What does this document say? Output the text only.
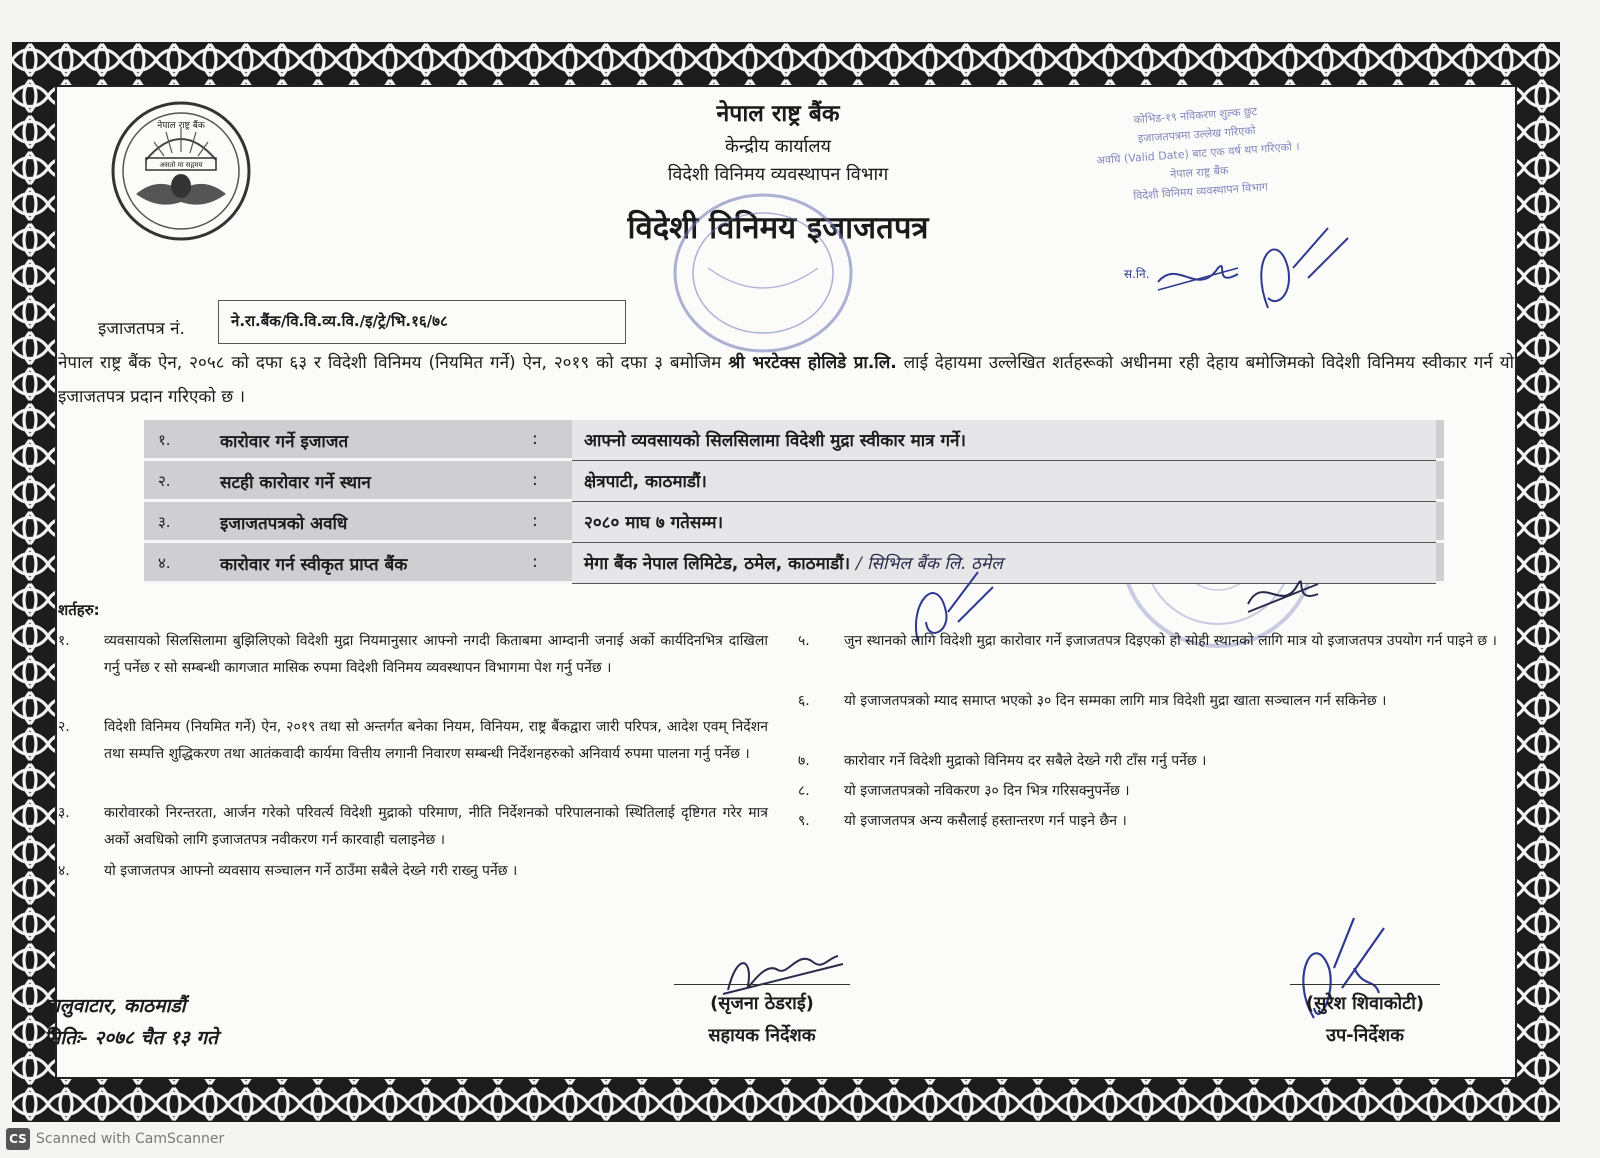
नेपाल राष्ट्र बैंक
असतो मा सद्गमय
नेपाल राष्ट्र बैंक
केन्द्रीय कार्यालय
विदेशी विनिमय व्यवस्थापन विभाग
विदेशी विनिमय इजाजतपत्र
कोभिड-१९ नविकरण शुल्क छुट
इजाजतपत्रमा उल्लेख गरिएको
अवधि (Valid Date) बाट एक वर्ष थप गरिएको ।
नेपाल राष्ट्र बैंक
विदेशी विनिमय व्यवस्थापन विभाग
स.नि.
इजाजतपत्र नं.	ने.रा.बैंक/वि.वि.व्य.वि./इ/ट्रे/भि.१६/७८
नेपाल राष्ट्र बैंक ऐन, २०५८ को दफा ६३ र विदेशी विनिमय (नियमित गर्ने) ऐन, २०१९ को दफा ३ बमोजिम श्री भरटेक्स होलिडे प्रा.लि. लाई देहायमा उल्लेखित शर्तहरूको अधीनमा रही देहाय बमोजिमको विदेशी विनिमय स्वीकार गर्न यो इजाजतपत्र प्रदान गरिएको छ ।
१.	कारोवार गर्ने इजाजत	:	आफ्नो व्यवसायको सिलसिलामा विदेशी मुद्रा स्वीकार मात्र गर्ने।
२.	सटही कारोवार गर्ने स्थान	:	क्षेत्रपाटी, काठमाडौं।
३.	इजाजतपत्रको अवधि	:	२०८० माघ ७ गतेसम्म।
४.	कारोवार गर्न स्वीकृत प्राप्त बैंक	:	मेगा बैंक नेपाल लिमिटेड, ठमेल, काठमाडौं। / सिभिल बैंक लि. ठमेल
शर्तहरु:
१. व्यवसायको सिलसिलामा बुझिलिएको विदेशी मुद्रा नियमानुसार आफ्नो नगदी किताबमा आम्दानी जनाई अर्को कार्यदिनभित्र दाखिला गर्नु पर्नेछ र सो सम्बन्धी कागजात मासिक रुपमा विदेशी विनिमय व्यवस्थापन विभागमा पेश गर्नु पर्नेछ ।
२. विदेशी विनिमय (नियमित गर्ने) ऐन, २०१९ तथा सो अन्तर्गत बनेका नियम, विनियम, राष्ट्र बैंकद्वारा जारी परिपत्र, आदेश एवम् निर्देशन तथा सम्पत्ति शुद्धिकरण तथा आतंकवादी कार्यमा वित्तीय लगानी निवारण सम्बन्धी निर्देशनहरुको अनिवार्य रुपमा पालना गर्नु पर्नेछ ।
३. कारोवारको निरन्तरता, आर्जन गरेको परिवर्त्य विदेशी मुद्राको परिमाण, नीति निर्देशनको परिपालनाको स्थितिलाई दृष्टिगत गरेर मात्र अर्को अवधिको लागि इजाजतपत्र नवीकरण गर्न कारवाही चलाइनेछ ।
४. यो इजाजतपत्र आफ्नो व्यवसाय सञ्चालन गर्ने ठाउँमा सबैले देख्ने गरी राख्नु पर्नेछ ।
५. जुन स्थानको लागि विदेशी मुद्रा कारोवार गर्ने इजाजतपत्र दिइएको हो सोही स्थानको लागि मात्र यो इजाजतपत्र उपयोग गर्न पाइने छ ।
६. यो इजाजतपत्रको म्याद समाप्त भएको ३० दिन सम्मका लागि मात्र विदेशी मुद्रा खाता सञ्चालन गर्न सकिनेछ ।
७. कारोवार गर्ने विदेशी मुद्राको विनिमय दर सबैले देख्ने गरी टाँस गर्नु पर्नेछ ।
८. यो इजाजतपत्रको नविकरण ३० दिन भित्र गरिसक्नुपर्नेछ ।
९. यो इजाजतपत्र अन्य कसैलाई हस्तान्तरण गर्न पाइने छैन ।
बालुवाटार, काठमाडौं
मितिः- २०७८ चैत १३ गते
(सृजना ठेडराई)
सहायक निर्देशक
(सुरेश शिवाकोटी)
उप-निर्देशक
CS Scanned with CamScanner
